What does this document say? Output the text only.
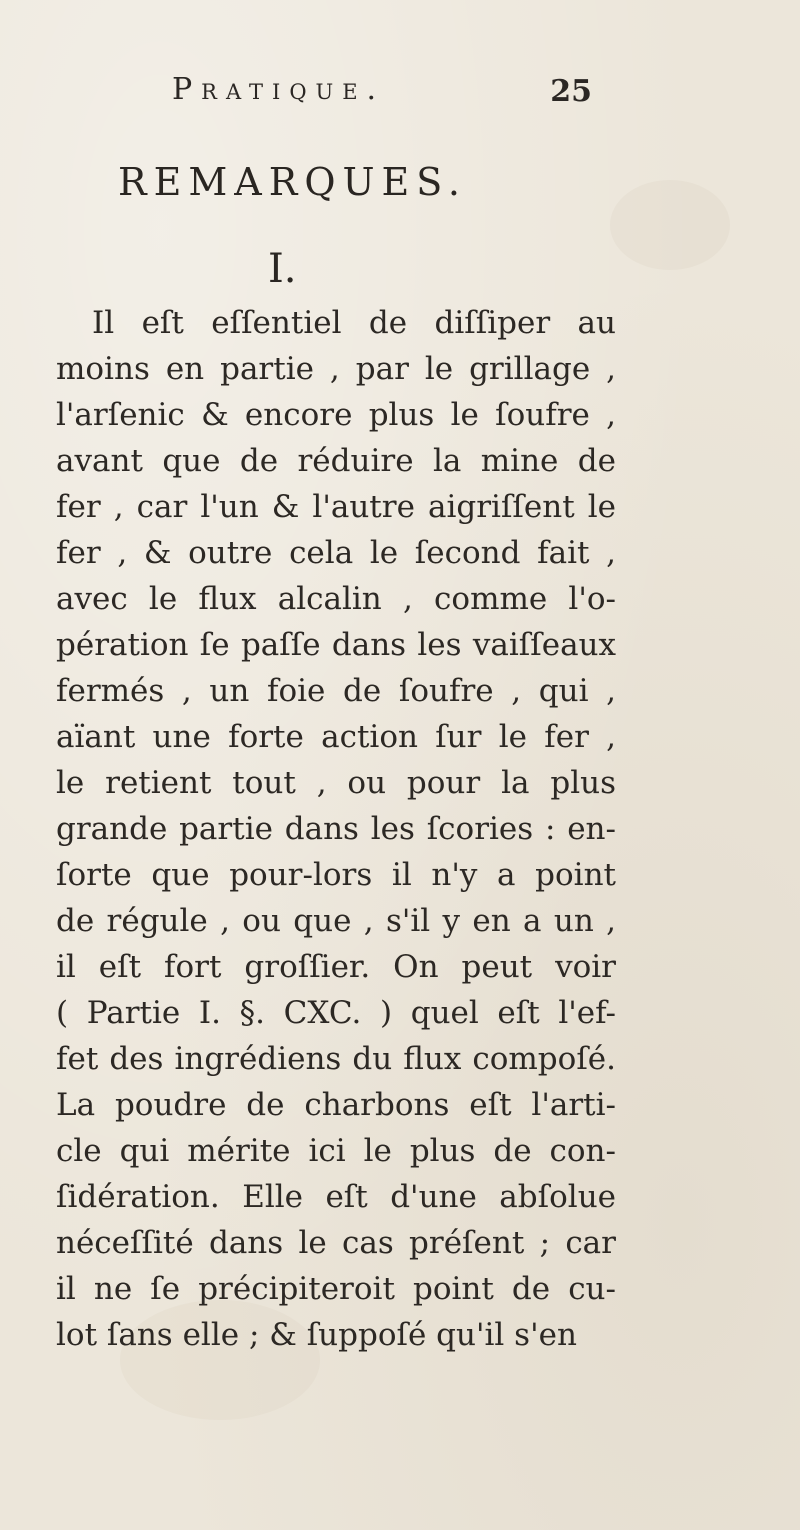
Pratique.	25
REMARQUES.
I.
Il eſt eſſentiel de diſſiper au
moins en partie , par le grillage ,
l'arſenic & encore plus le ſoufre ,
avant que de réduire la mine de
fer , car l'un & l'autre aigriſſent le
fer , & outre cela le ſecond fait ,
avec le flux alcalin , comme l'o-
pération ſe paſſe dans les vaiſſeaux
fermés , un foie de ſoufre , qui ,
aïant une forte action ſur le fer ,
le retient tout , ou pour la plus
grande partie dans les ſcories : en-
ſorte que pour-lors il n'y a point
de régule , ou que , s'il y en a un ,
il eſt fort groſſier. On peut voir
( Partie I. §. CXC. ) quel eſt l'ef-
fet des ingrédiens du flux compoſé.
La poudre de charbons eſt l'arti-
cle qui mérite ici le plus de con-
ſidération. Elle eſt d'une abſolue
néceſſité dans le cas préſent ; car
il ne ſe précipiteroit point de cu-
lot ſans elle ; & ſuppoſé qu'il s'en
